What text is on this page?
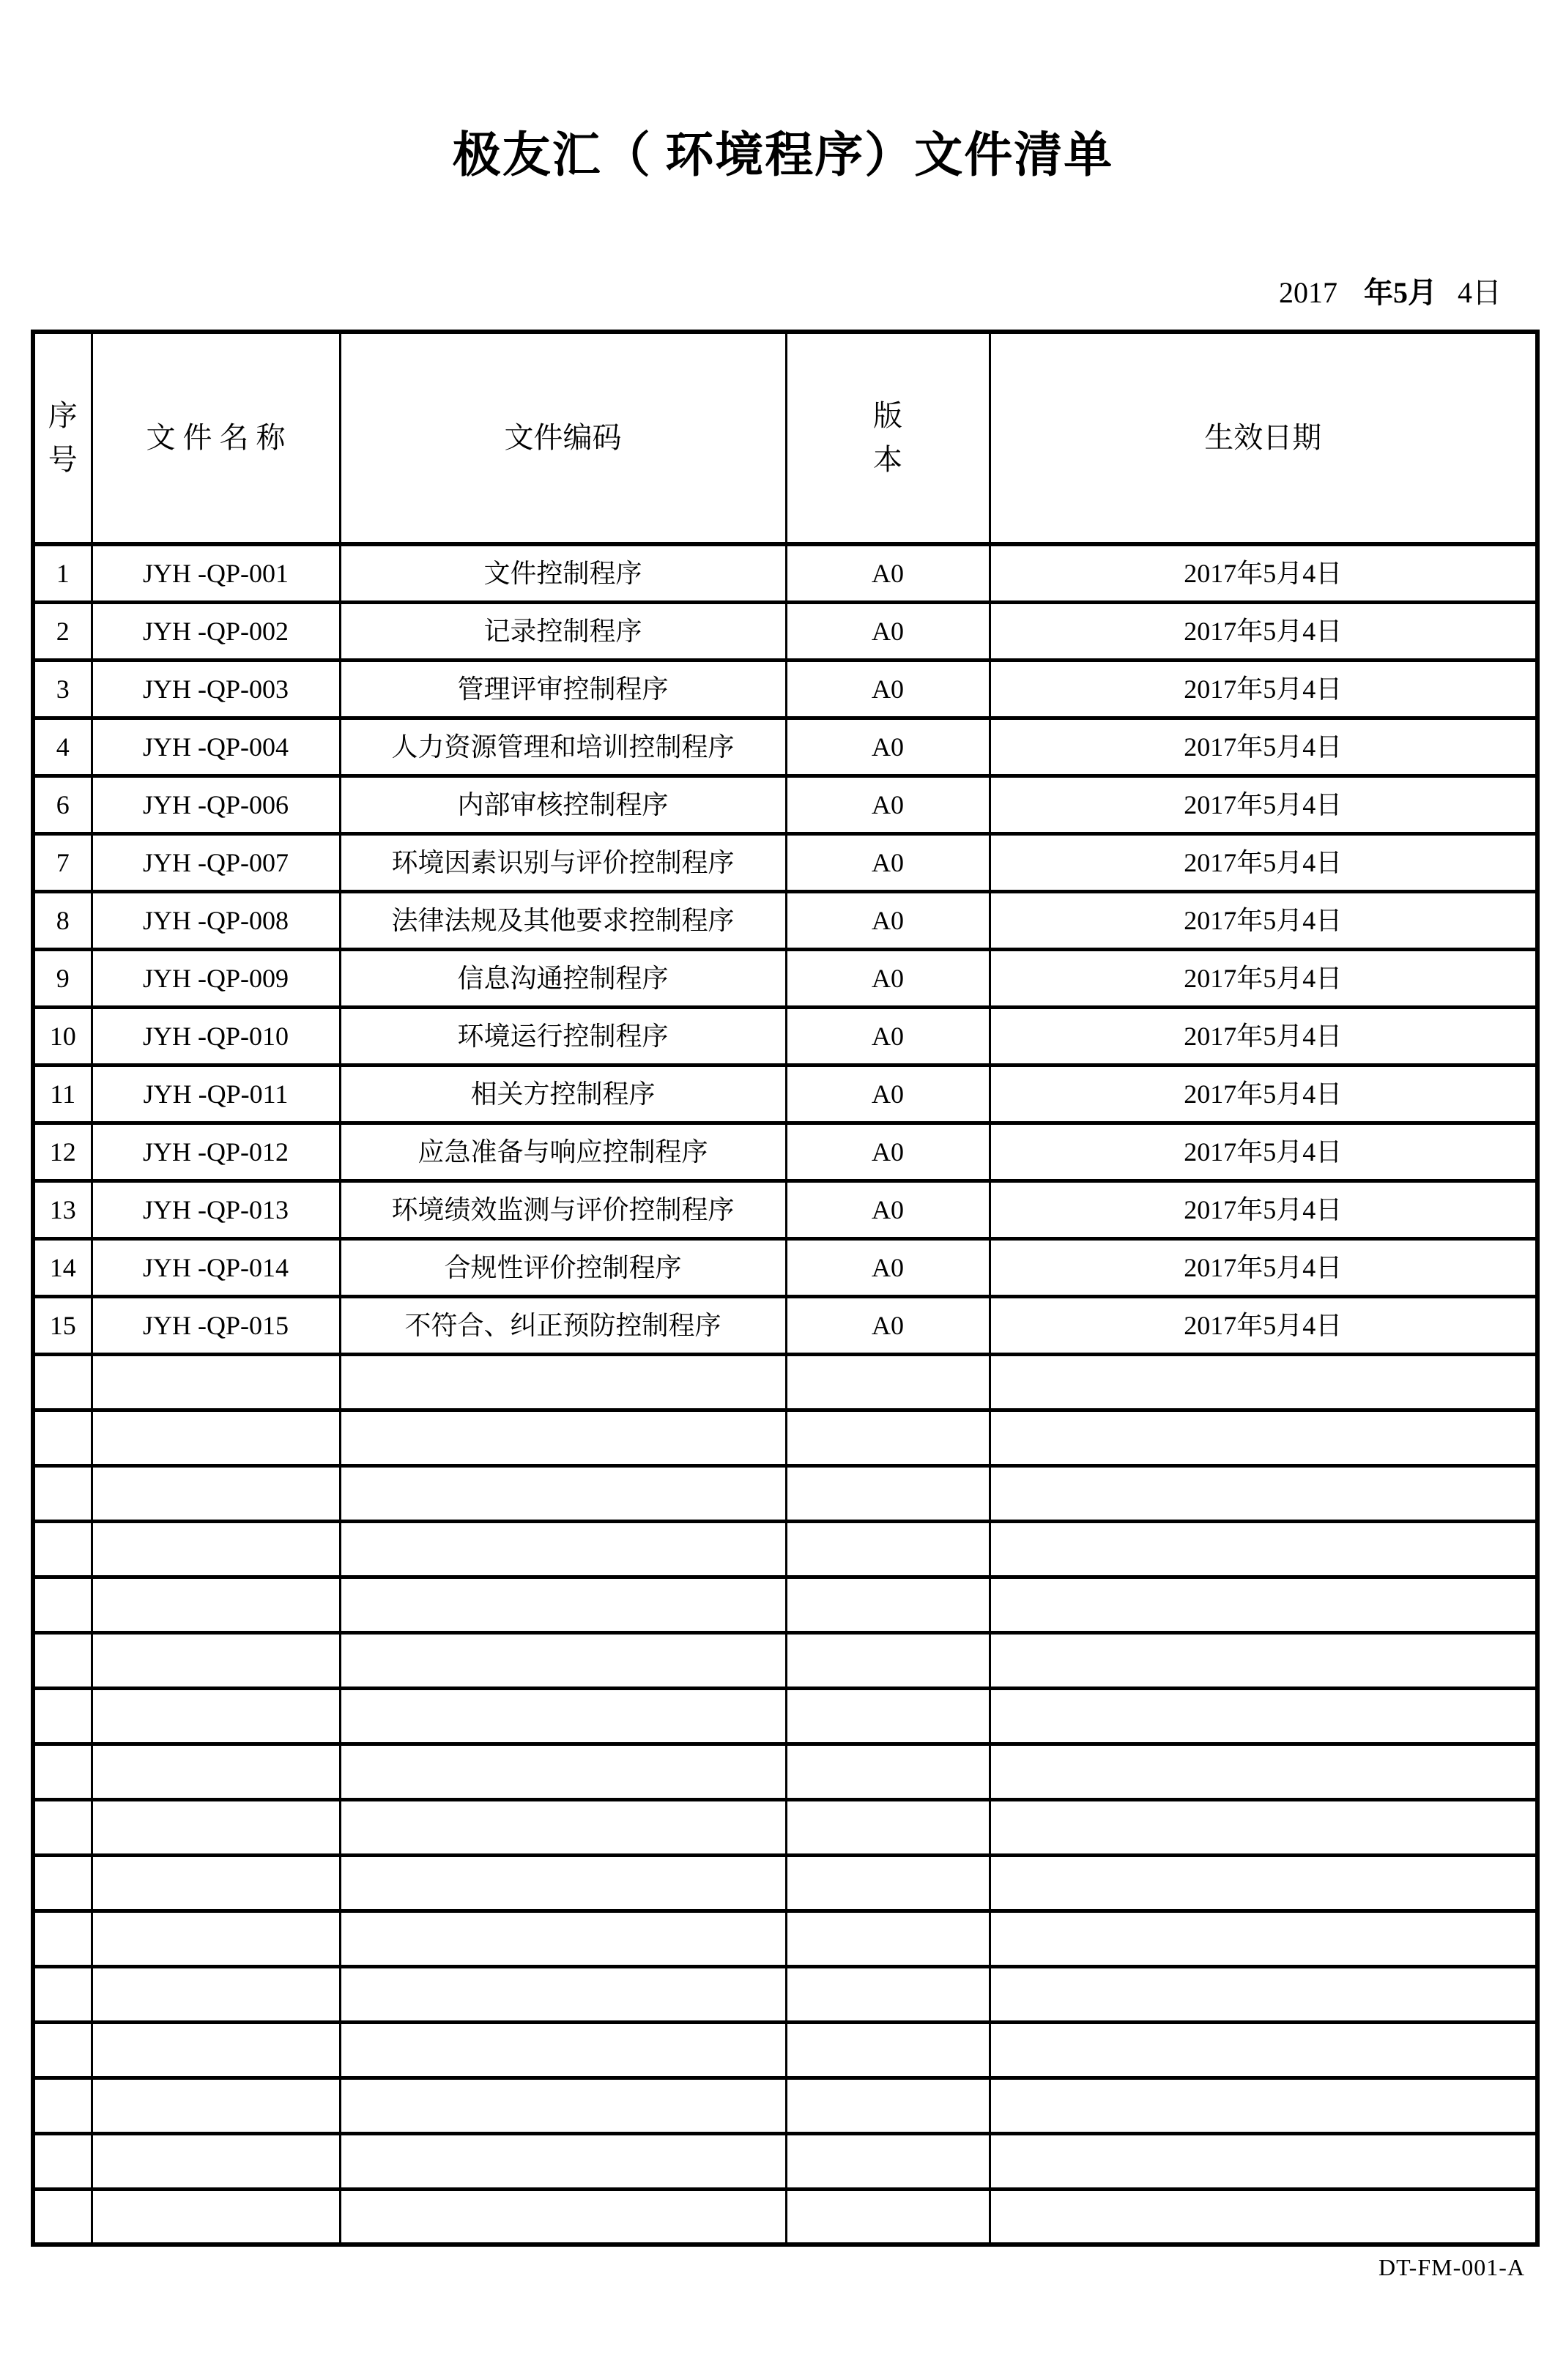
极友汇（ 环境程序）文件清单
2017 年5月 4日
序号	文 件 名 称	文件编码	版本	生效日期
1	JYH -QP-001	文件控制程序	A0	2017年5月4日
2	JYH -QP-002	记录控制程序	A0	2017年5月4日
3	JYH -QP-003	管理评审控制程序	A0	2017年5月4日
4	JYH -QP-004	人力资源管理和培训控制程序	A0	2017年5月4日
6	JYH -QP-006	内部审核控制程序	A0	2017年5月4日
7	JYH -QP-007	环境因素识别与评价控制程序	A0	2017年5月4日
8	JYH -QP-008	法律法规及其他要求控制程序	A0	2017年5月4日
9	JYH -QP-009	信息沟通控制程序	A0	2017年5月4日
10	JYH -QP-010	环境运行控制程序	A0	2017年5月4日
11	JYH -QP-011	相关方控制程序	A0	2017年5月4日
12	JYH -QP-012	应急准备与响应控制程序	A0	2017年5月4日
13	JYH -QP-013	环境绩效监测与评价控制程序	A0	2017年5月4日
14	JYH -QP-014	合规性评价控制程序	A0	2017年5月4日
15	JYH -QP-015	不符合、纠正预防控制程序	A0	2017年5月4日

DT-FM-001-A
